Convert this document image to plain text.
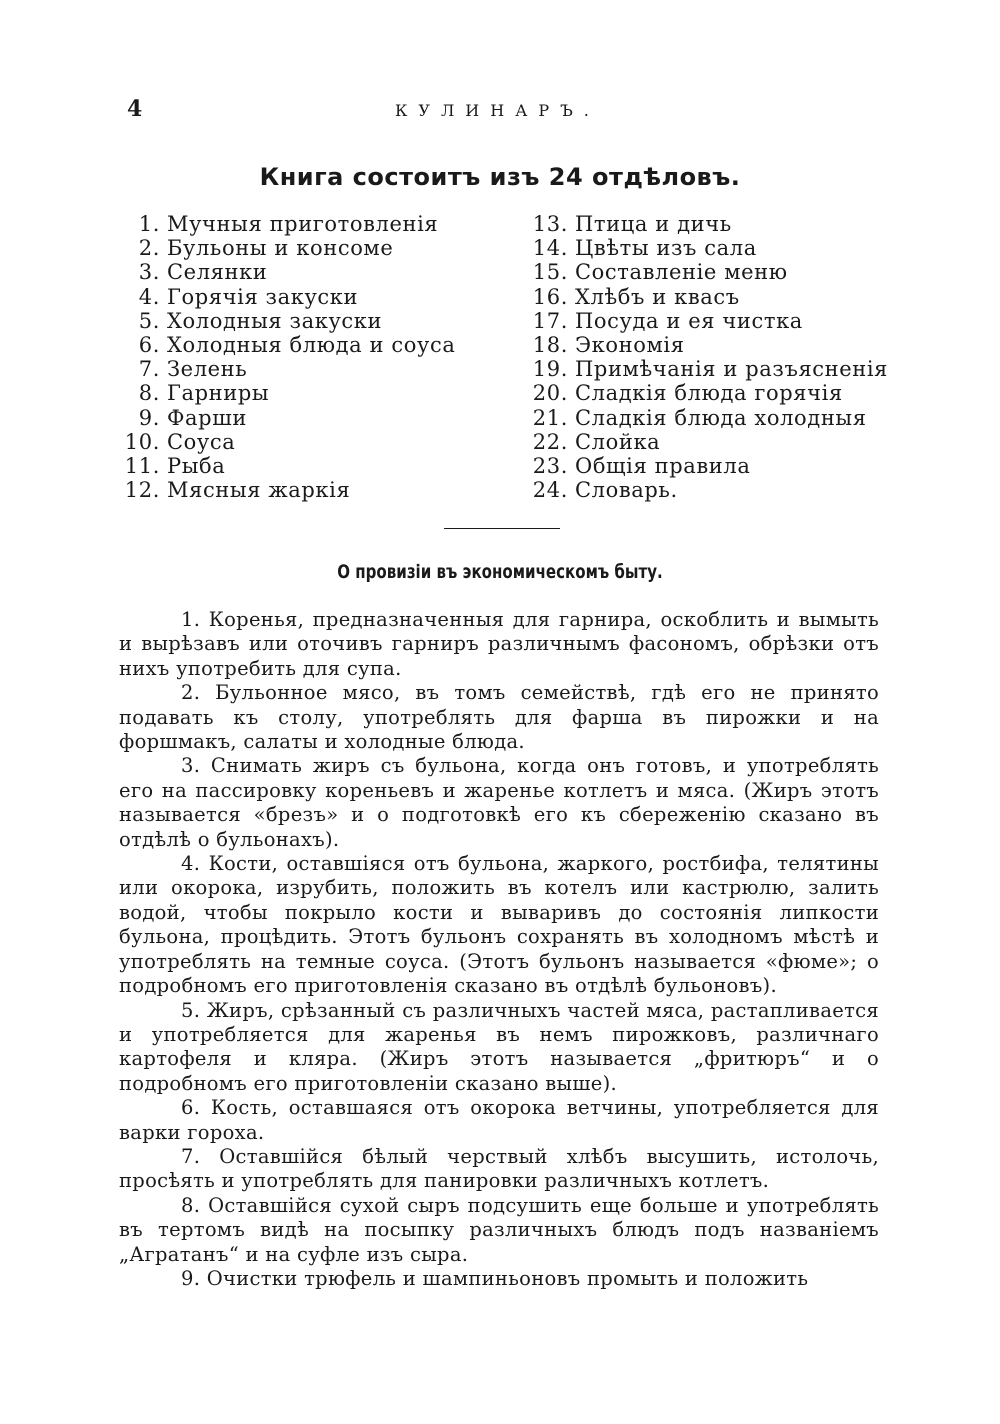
4	КУЛИНАРЪ.
Книга состоитъ изъ 24 отдѣловъ.
1. Мучныя приготовленія
2. Бульоны и консоме
3. Селянки
4. Горячія закуски
5. Холодныя закуски
6. Холодныя блюда и соуса
7. Зелень
8. Гарниры
9. Фарши
10. Соуса
11. Рыба
12. Мясныя жаркія
13. Птица и дичь
14. Цвѣты изъ сала
15. Составленіе меню
16. Хлѣбъ и квасъ
17. Посуда и ея чистка
18. Экономія
19. Примѣчанія и разъясненія
20. Сладкія блюда горячія
21. Сладкія блюда холодныя
22. Слойка
23. Общія правила
24. Словарь.
О провизіи въ экономическомъ быту.

1. Коренья, предназначенныя для гарнира, оскоблить и вымыть и вырѣзавъ или оточивъ гарниръ различнымъ фасономъ, обрѣзки отъ нихъ употребить для супа.

2. Бульонное мясо, въ томъ семействѣ, гдѣ его не принято подавать къ столу, употреблять для фарша въ пирожки и на форшмакъ, салаты и холодные блюда.

3. Снимать жиръ съ бульона, когда онъ готовъ, и употреблять его на пассировку кореньевъ и жаренье котлетъ и мяса. (Жиръ этотъ называется «брезъ» и о подготовкѣ его къ сбереженію сказано въ отдѣлѣ о бульонахъ).

4. Кости, оставшіяся отъ бульона, жаркого, ростбифа, телятины или окорока, изрубить, положить въ котелъ или кастрюлю, залить водой, чтобы покрыло кости и вываривъ до состоянія липкости бульона, процѣдить. Этотъ бульонъ сохранять въ холодномъ мѣстѣ и употреблять на темные соуса. (Этотъ бульонъ называется «фюме»; о подробномъ его приготовленія сказано въ отдѣлѣ бульоновъ).

5. Жиръ, срѣзанный съ различныхъ частей мяса, растапливается и употребляется для жаренья въ немъ пирожковъ, различнаго картофеля и кляра. (Жиръ этотъ называется „фритюръ“ и о подробномъ его приготовленіи сказано выше).

6. Кость, оставшаяся отъ окорока ветчины, употребляется для варки гороха.

7. Оставшійся бѣлый черствый хлѣбъ высушить, истолочь, просѣять и употреблять для панировки различныхъ котлетъ.

8. Оставшійся сухой сыръ подсушить еще больше и употреблять въ тертомъ видѣ на посыпку различныхъ блюдъ подъ названіемъ „Агратанъ“ и на суфле изъ сыра.

9. Очистки трюфель и шампиньоновъ промыть и положить
